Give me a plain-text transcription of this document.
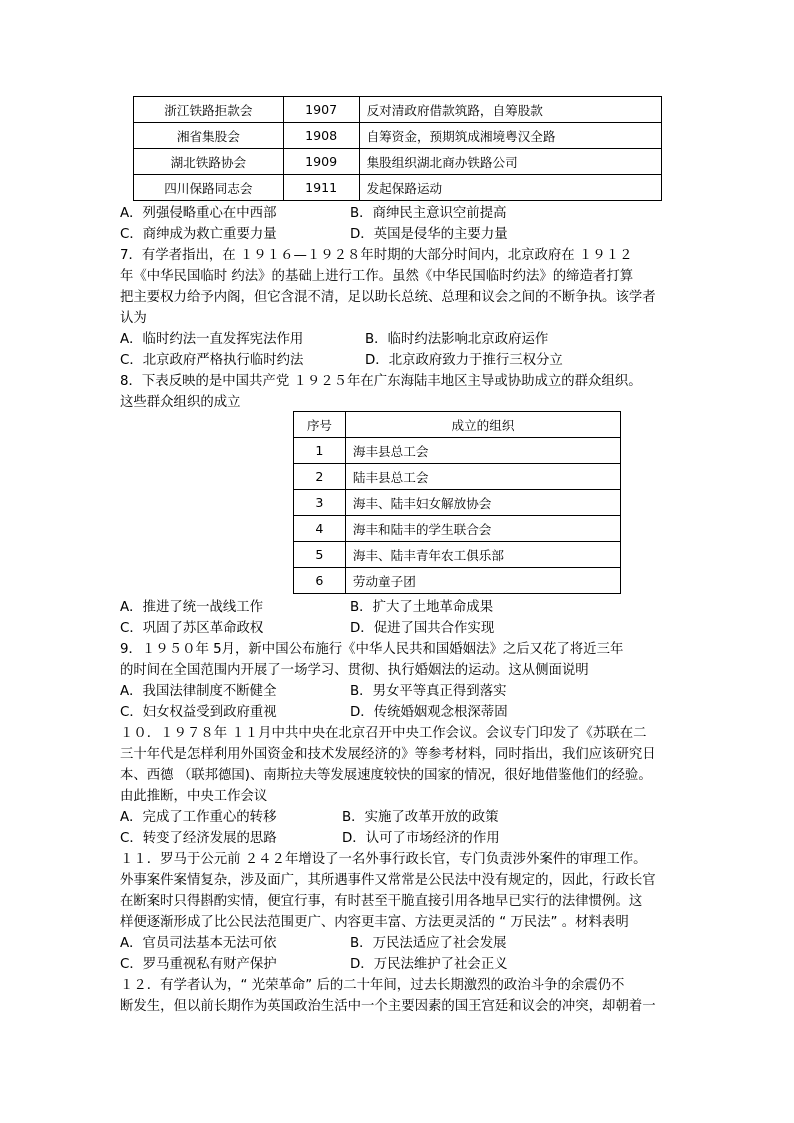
浙江铁路拒款会	1907	反对清政府借款筑路，自筹股款
湘省集股会	1908	自筹资金，预期筑成湘境粤汉全路
湖北铁路协会	1909	集股组织湖北商办铁路公司
四川保路同志会	1911	发起保路运动
A．列强侵略重心在中西部	B．商绅民主意识空前提高
C．商绅成为救亡重要力量	D．英国是侵华的主要力量
7．有学者指出，在 １９１６—１９２８年时期的大部分时间内，北京政府在 １９１２
年《中华民国临时 约法》的基础上进行工作。虽然《中华民国临时约法》的缔造者打算
把主要权力给予内阁，但它含混不清，足以助长总统、总理和议会之间的不断争执。该学者
认为
A．临时约法一直发挥宪法作用	B．临时约法影响北京政府运作
C．北京政府严格执行临时约法	D．北京政府致力于推行三权分立
8．下表反映的是中国共产党 １９２５年在广东海陆丰地区主导或协助成立的群众组织。
这些群众组织的成立
序号	成立的组织
1	海丰县总工会
2	陆丰县总工会
3	海丰、陆丰妇女解放协会
4	海丰和陆丰的学生联合会
5	海丰、陆丰青年农工俱乐部
6	劳动童子团
A．推进了统一战线工作	B．扩大了土地革命成果
C．巩固了苏区革命政权	D．促进了国共合作实现
9．１９５０年 5月，新中国公布施行《中华人民共和国婚姻法》之后又花了将近三年
的时间在全国范围内开展了一场学习、贯彻、执行婚姻法的运动。这从侧面说明
A．我国法律制度不断健全	B．男女平等真正得到落实
C．妇女权益受到政府重视	D．传统婚姻观念根深蒂固
１０．１９７８年 １１月中共中央在北京召开中央工作会议。会议专门印发了《苏联在二
三十年代是怎样利用外国资金和技术发展经济的》等参考材料，同时指出，我们应该研究日
本、西德 （联邦德国)、南斯拉夫等发展速度较快的国家的情况，很好地借鉴他们的经验。
由此推断，中央工作会议
A．完成了工作重心的转移	B．实施了改革开放的政策
C．转变了经济发展的思路	D．认可了市场经济的作用
１１．罗马于公元前 ２４２年增设了一名外事行政长官，专门负责涉外案件的审理工作。
外事案件案情复杂，涉及面广，其所遇事件又常常是公民法中没有规定的，因此，行政长官
在断案时只得斟酌实情，便宜行事，有时甚至干脆直接引用各地早已实行的法律惯例。这
样便逐渐形成了比公民法范围更广、内容更丰富、方法更灵活的 “ 万民法” 。材料表明
A．官员司法基本无法可依	B．万民法适应了社会发展
C．罗马重视私有财产保护	D．万民法维护了社会正义
１２．有学者认为，“ 光荣革命” 后的二十年间，过去长期激烈的政治斗争的余震仍不
断发生，但以前长期作为英国政治生活中一个主要因素的国王宫廷和议会的冲突，却朝着一
